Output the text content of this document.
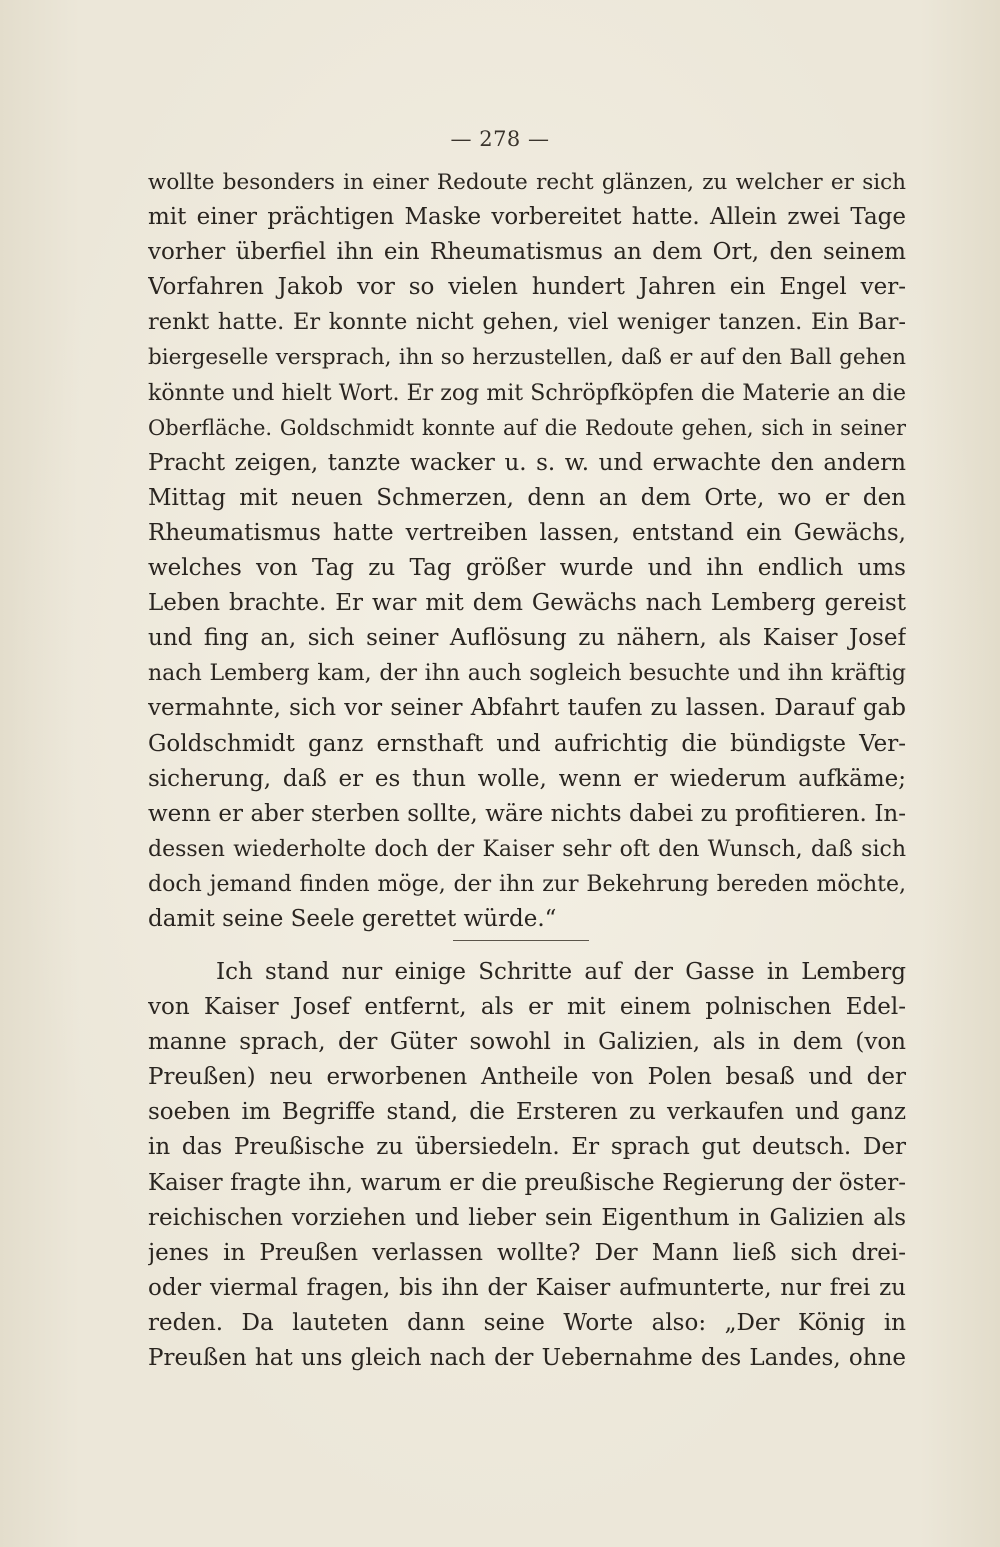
— 278 —
wollte besonders in einer Redoute recht glänzen, zu welcher er sich
mit einer prächtigen Maske vorbereitet hatte. Allein zwei Tage
vorher überfiel ihn ein Rheumatismus an dem Ort, den seinem
Vorfahren Jakob vor so vielen hundert Jahren ein Engel ver-
renkt hatte. Er konnte nicht gehen, viel weniger tanzen. Ein Bar-
biergeselle versprach, ihn so herzustellen, daß er auf den Ball gehen
könnte und hielt Wort. Er zog mit Schröpfköpfen die Materie an die
Oberfläche. Goldschmidt konnte auf die Redoute gehen, sich in seiner
Pracht zeigen, tanzte wacker u. s. w. und erwachte den andern
Mittag mit neuen Schmerzen, denn an dem Orte, wo er den
Rheumatismus hatte vertreiben lassen, entstand ein Gewächs,
welches von Tag zu Tag größer wurde und ihn endlich ums
Leben brachte. Er war mit dem Gewächs nach Lemberg gereist
und fing an, sich seiner Auflösung zu nähern, als Kaiser Josef
nach Lemberg kam, der ihn auch sogleich besuchte und ihn kräftig
vermahnte, sich vor seiner Abfahrt taufen zu lassen. Darauf gab
Goldschmidt ganz ernsthaft und aufrichtig die bündigste Ver-
sicherung, daß er es thun wolle, wenn er wiederum aufkäme;
wenn er aber sterben sollte, wäre nichts dabei zu profitieren. In-
dessen wiederholte doch der Kaiser sehr oft den Wunsch, daß sich
doch jemand finden möge, der ihn zur Bekehrung bereden möchte,
damit seine Seele gerettet würde.“
Ich stand nur einige Schritte auf der Gasse in Lemberg
von Kaiser Josef entfernt, als er mit einem polnischen Edel-
manne sprach, der Güter sowohl in Galizien, als in dem (von
Preußen) neu erworbenen Antheile von Polen besaß und der
soeben im Begriffe stand, die Ersteren zu verkaufen und ganz
in das Preußische zu übersiedeln. Er sprach gut deutsch. Der
Kaiser fragte ihn, warum er die preußische Regierung der öster-
reichischen vorziehen und lieber sein Eigenthum in Galizien als
jenes in Preußen verlassen wollte? Der Mann ließ sich drei-
oder viermal fragen, bis ihn der Kaiser aufmunterte, nur frei zu
reden. Da lauteten dann seine Worte also: „Der König in
Preußen hat uns gleich nach der Uebernahme des Landes, ohne
